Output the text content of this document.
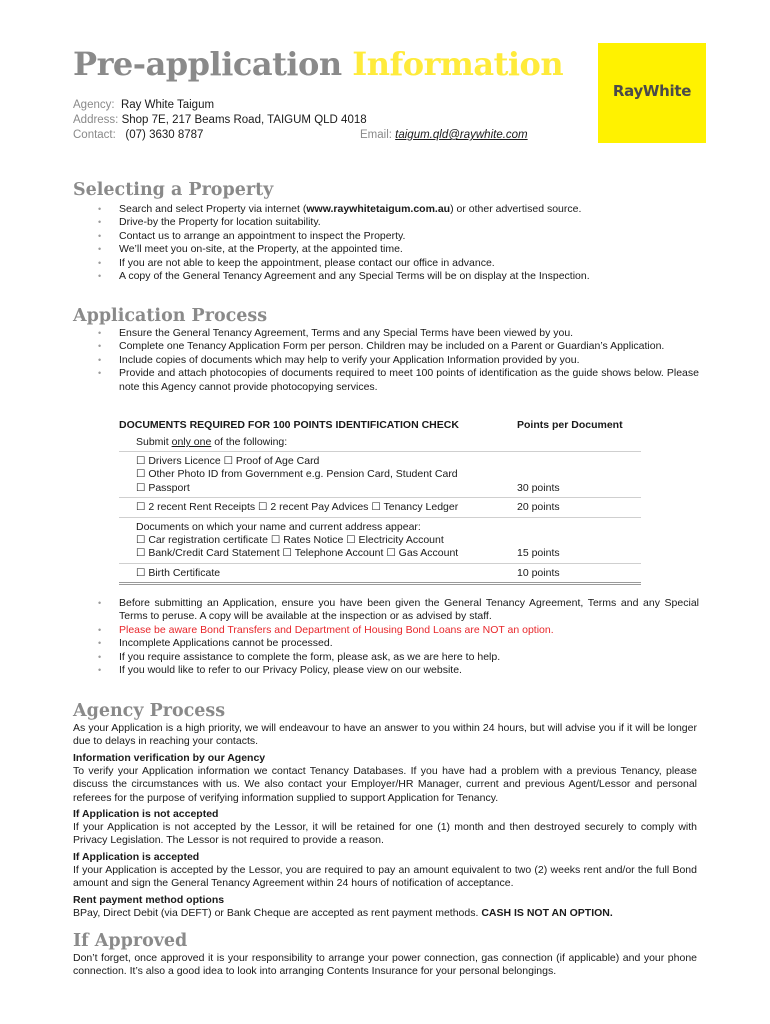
Pre-application Information
RayWhite
Agency: Ray White Taigum
Address: Shop 7E, 217 Beams Road, TAIGUM QLD 4018
Contact: (07) 3630 8787	Email: taigum.qld@raywhite.com
Selecting a Property
• Search and select Property via internet (www.raywhitetaigum.com.au) or other advertised source.
• Drive-by the Property for location suitability.
• Contact us to arrange an appointment to inspect the Property.
• We’ll meet you on-site, at the Property, at the appointed time.
• If you are not able to keep the appointment, please contact our office in advance.
• A copy of the General Tenancy Agreement and any Special Terms will be on display at the Inspection.
Application Process
• Ensure the General Tenancy Agreement, Terms and any Special Terms have been viewed by you.
• Complete one Tenancy Application Form per person. Children may be included on a Parent or Guardian’s Application.
• Include copies of documents which may help to verify your Application Information provided by you.
• Provide and attach photocopies of documents required to meet 100 points of identification as the guide shows below. Please note this Agency cannot provide photocopying services.
DOCUMENTS REQUIRED FOR 100 POINTS IDENTIFICATION CHECK	Points per Document
Submit only one of the following:
☐ Drivers Licence ☐ Proof of Age Card
☐ Other Photo ID from Government e.g. Pension Card, Student Card
☐ Passport	30 points
☐ 2 recent Rent Receipts ☐ 2 recent Pay Advices ☐ Tenancy Ledger	20 points
Documents on which your name and current address appear:
☐ Car registration certificate ☐ Rates Notice ☐ Electricity Account
☐ Bank/Credit Card Statement ☐ Telephone Account ☐ Gas Account	15 points
☐ Birth Certificate	10 points
• Before submitting an Application, ensure you have been given the General Tenancy Agreement, Terms and any Special Terms to peruse. A copy will be available at the inspection or as advised by staff.
• Please be aware Bond Transfers and Department of Housing Bond Loans are NOT an option.
• Incomplete Applications cannot be processed.
• If you require assistance to complete the form, please ask, as we are here to help.
• If you would like to refer to our Privacy Policy, please view on our website.
Agency Process
As your Application is a high priority, we will endeavour to have an answer to you within 24 hours, but will advise you if it will be longer due to delays in reaching your contacts.
Information verification by our Agency
To verify your Application information we contact Tenancy Databases. If you have had a problem with a previous Tenancy, please discuss the circumstances with us. We also contact your Employer/HR Manager, current and previous Agent/Lessor and personal referees for the purpose of verifying information supplied to support Application for Tenancy.
If Application is not accepted
If your Application is not accepted by the Lessor, it will be retained for one (1) month and then destroyed securely to comply with Privacy Legislation. The Lessor is not required to provide a reason.
If Application is accepted
If your Application is accepted by the Lessor, you are required to pay an amount equivalent to two (2) weeks rent and/or the full Bond amount and sign the General Tenancy Agreement within 24 hours of notification of acceptance.
Rent payment method options
BPay, Direct Debit (via DEFT) or Bank Cheque are accepted as rent payment methods. CASH IS NOT AN OPTION.
If Approved
Don’t forget, once approved it is your responsibility to arrange your power connection, gas connection (if applicable) and your phone connection. It’s also a good idea to look into arranging Contents Insurance for your personal belongings.
